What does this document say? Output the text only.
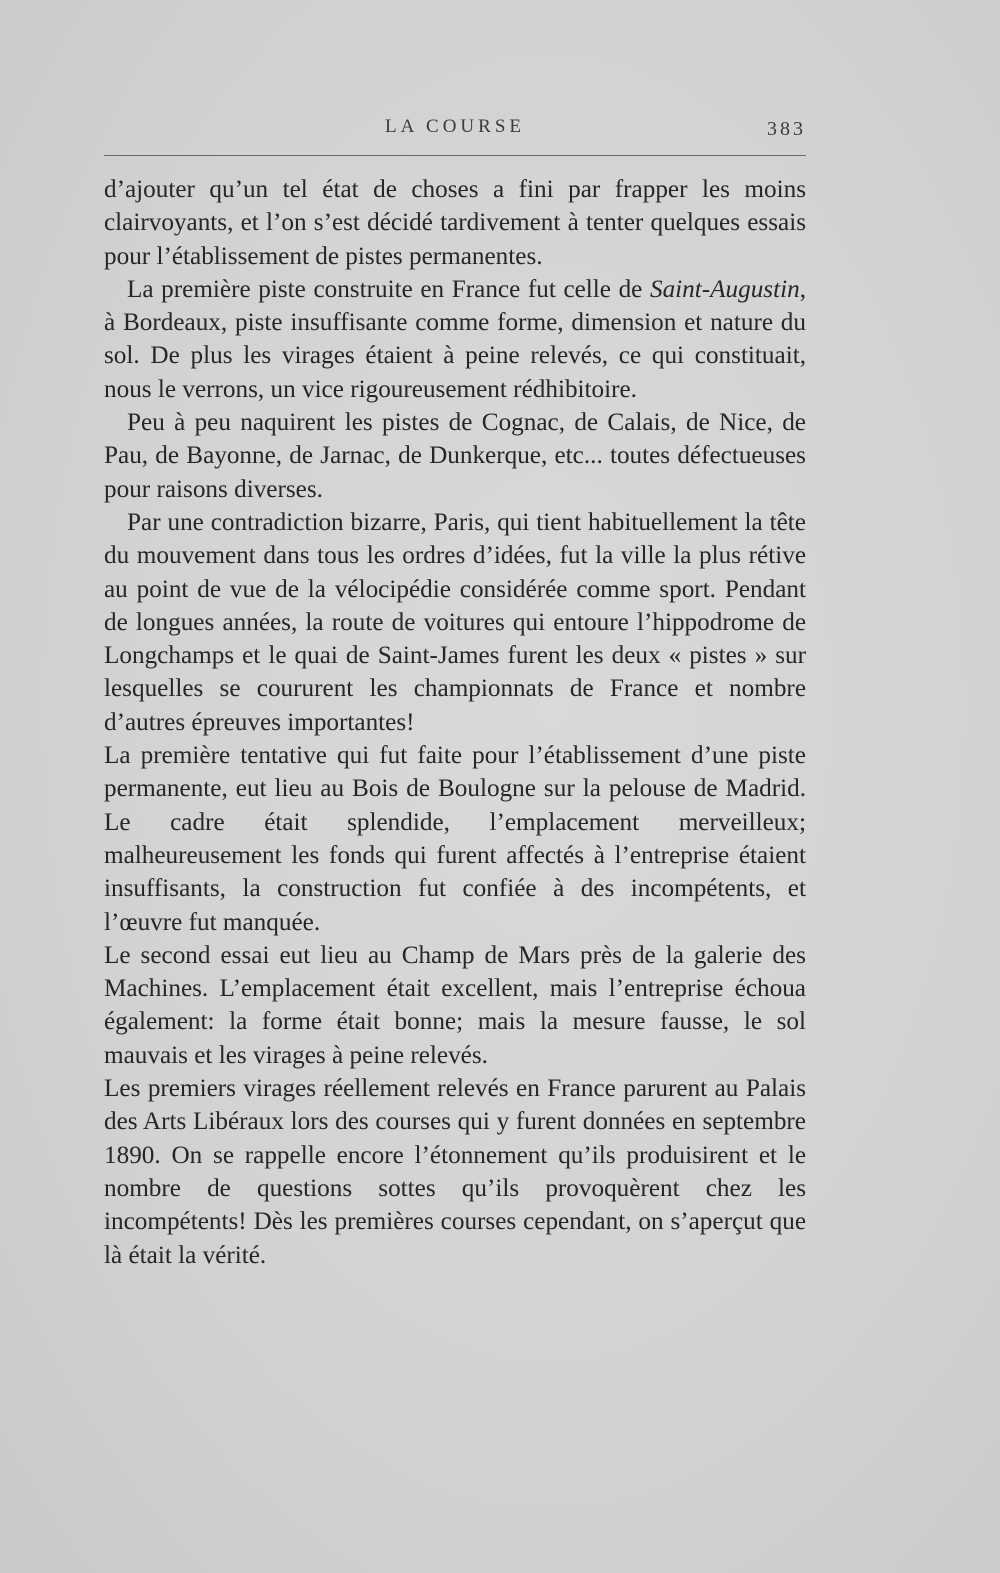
LA COURSE	383

d’ajouter qu’un tel état de choses a fini par frapper les moins clairvoyants, et l’on s’est décidé tardivement à tenter quelques essais pour l’établissement de pistes permanentes.

La première piste construite en France fut celle de Saint-Augustin, à Bordeaux, piste insuffisante comme forme, dimension et nature du sol. De plus les virages étaient à peine relevés, ce qui constituait, nous le verrons, un vice rigoureusement rédhibitoire.

Peu à peu naquirent les pistes de Cognac, de Calais, de Nice, de Pau, de Bayonne, de Jarnac, de Dunkerque, etc... toutes défectueuses pour raisons diverses.

Par une contradiction bizarre, Paris, qui tient habituellement la tête du mouvement dans tous les ordres d’idées, fut la ville la plus rétive au point de vue de la vélocipédie considérée comme sport. Pendant de longues années, la route de voitures qui entoure l’hippodrome de Longchamps et le quai de Saint-James furent les deux « pistes » sur lesquelles se coururent les championnats de France et nombre d’autres épreuves importantes!

La première tentative qui fut faite pour l’établissement d’une piste permanente, eut lieu au Bois de Boulogne sur la pelouse de Madrid. Le cadre était splendide, l’emplacement merveilleux; malheureusement les fonds qui furent affectés à l’entreprise étaient insuffisants, la construction fut confiée à des incompétents, et l’œuvre fut manquée.

Le second essai eut lieu au Champ de Mars près de la galerie des Machines. L’emplacement était excellent, mais l’entreprise échoua également: la forme était bonne; mais la mesure fausse, le sol mauvais et les virages à peine relevés.

Les premiers virages réellement relevés en France parurent au Palais des Arts Libéraux lors des courses qui y furent données en septembre 1890. On se rappelle encore l’étonnement qu’ils produisirent et le nombre de questions sottes qu’ils provoquèrent chez les incompétents! Dès les premières courses cependant, on s’aperçut que là était la vérité.
